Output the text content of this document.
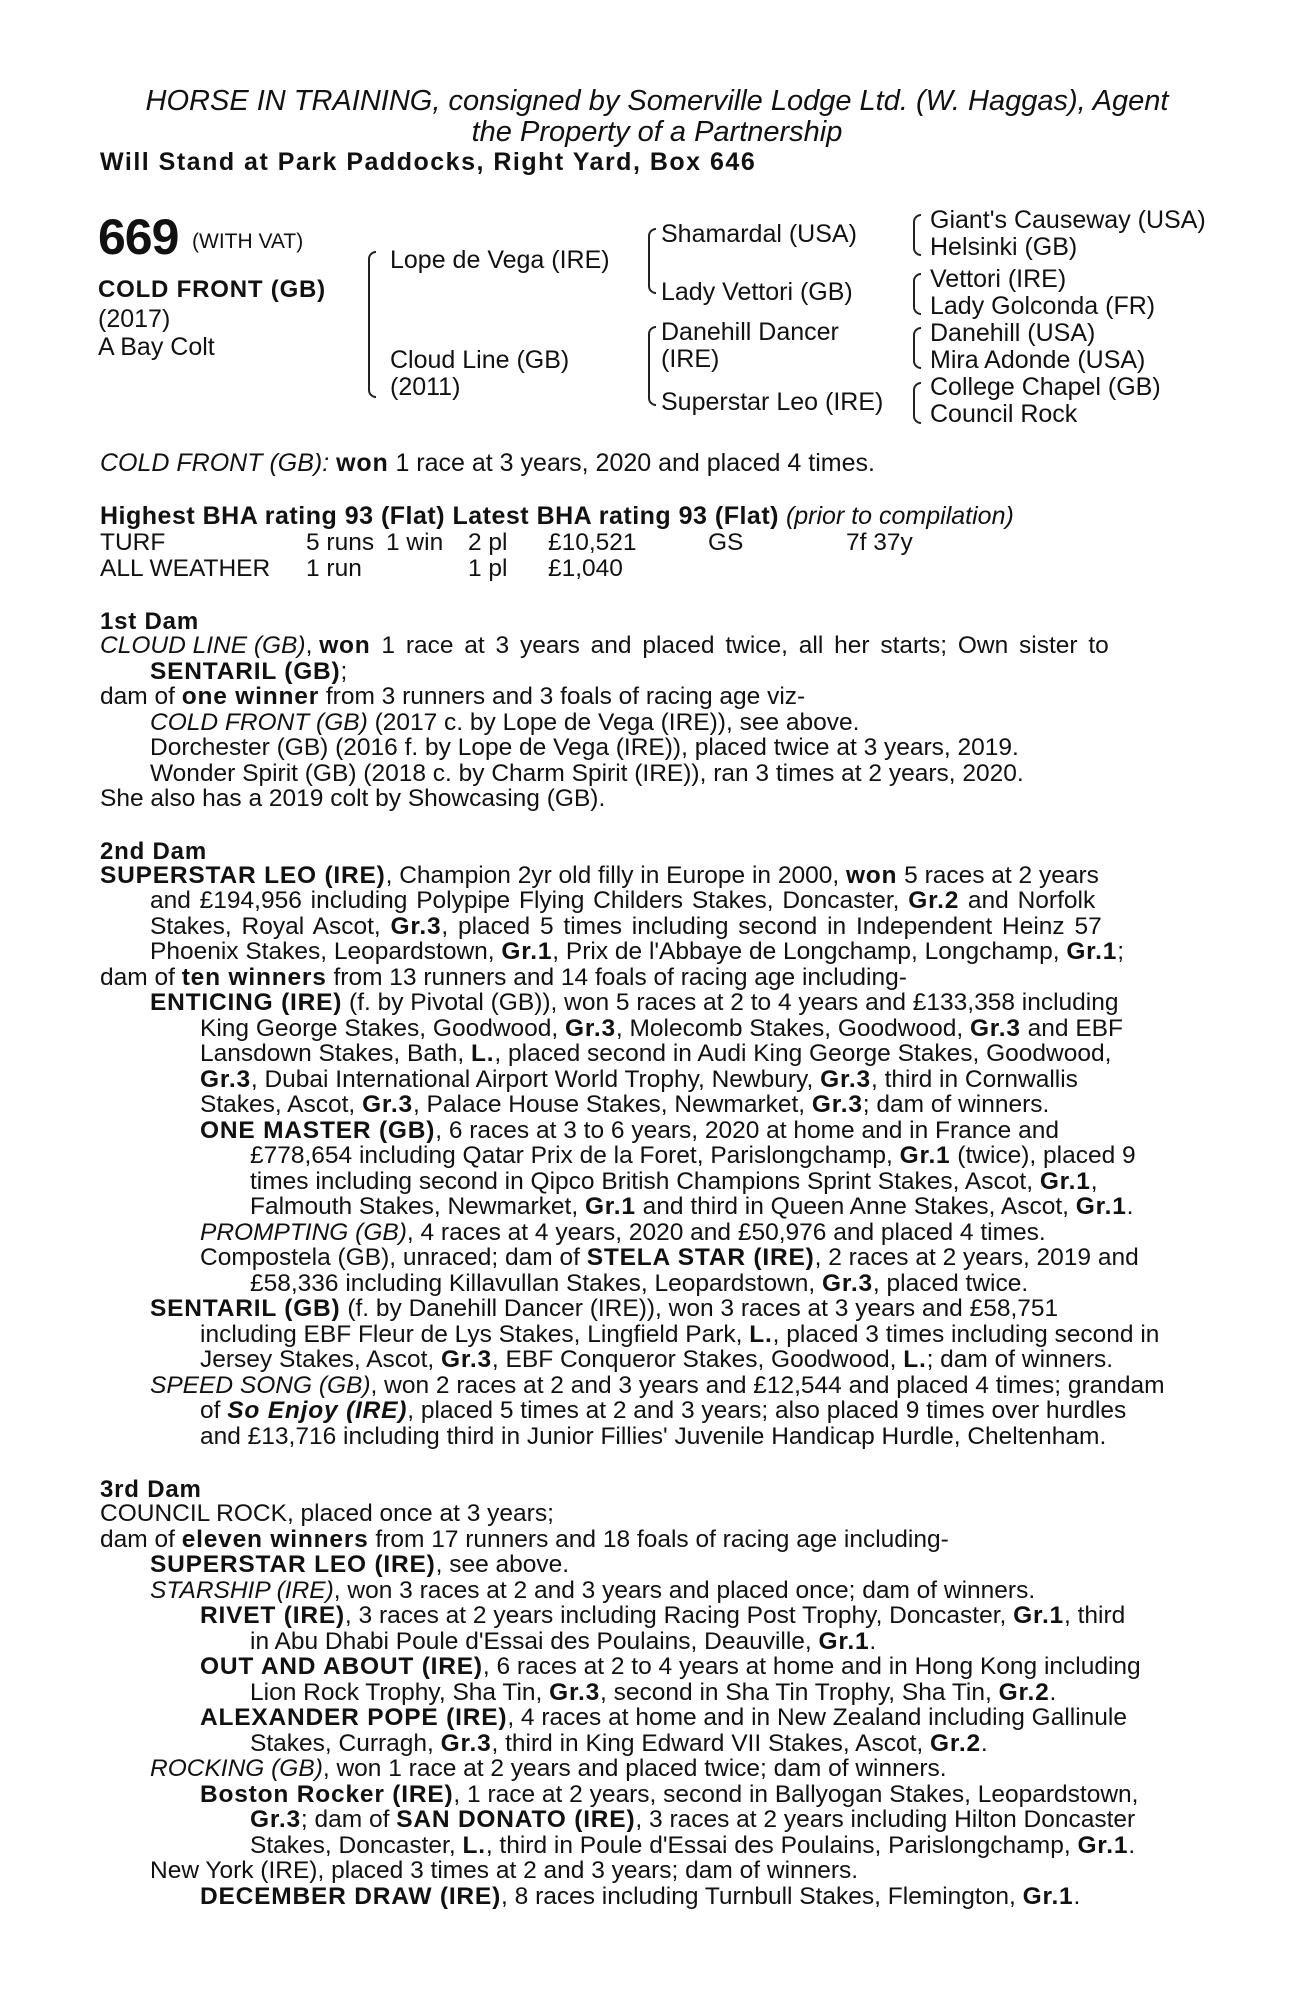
HORSE IN TRAINING, consigned by Somerville Lodge Ltd. (W. Haggas), Agent
the Property of a Partnership
Will Stand at Park Paddocks, Right Yard, Box 646
669 (WITH VAT)
COLD FRONT (GB)
(2017)
A Bay Colt
Lope de Vega (IRE)
Cloud Line (GB)
(2011)
Shamardal (USA)
Lady Vettori (GB)
Danehill Dancer
(IRE)
Superstar Leo (IRE)
Giant's Causeway (USA)
Helsinki (GB)
Vettori (IRE)
Lady Golconda (FR)
Danehill (USA)
Mira Adonde (USA)
College Chapel (GB)
Council Rock
COLD FRONT (GB): won 1 race at 3 years, 2020 and placed 4 times.
Highest BHA rating 93 (Flat) Latest BHA rating 93 (Flat) (prior to compilation)
TURF	5 runs 1 win 2 pl £10,521	GS	7f 37y
ALL WEATHER 1 run	1 pl £1,040
1st Dam
CLOUD LINE (GB), won 1 race at 3 years and placed twice, all her starts; Own sister to
SENTARIL (GB);
dam of one winner from 3 runners and 3 foals of racing age viz-
COLD FRONT (GB) (2017 c. by Lope de Vega (IRE)), see above.
Dorchester (GB) (2016 f. by Lope de Vega (IRE)), placed twice at 3 years, 2019.
Wonder Spirit (GB) (2018 c. by Charm Spirit (IRE)), ran 3 times at 2 years, 2020.
She also has a 2019 colt by Showcasing (GB).
2nd Dam
SUPERSTAR LEO (IRE), Champion 2yr old filly in Europe in 2000, won 5 races at 2 years
and £194,956 including Polypipe Flying Childers Stakes, Doncaster, Gr.2 and Norfolk
Stakes, Royal Ascot, Gr.3, placed 5 times including second in Independent Heinz 57
Phoenix Stakes, Leopardstown, Gr.1, Prix de l'Abbaye de Longchamp, Longchamp, Gr.1;
dam of ten winners from 13 runners and 14 foals of racing age including-
ENTICING (IRE) (f. by Pivotal (GB)), won 5 races at 2 to 4 years and £133,358 including
King George Stakes, Goodwood, Gr.3, Molecomb Stakes, Goodwood, Gr.3 and EBF
Lansdown Stakes, Bath, L., placed second in Audi King George Stakes, Goodwood,
Gr.3, Dubai International Airport World Trophy, Newbury, Gr.3, third in Cornwallis
Stakes, Ascot, Gr.3, Palace House Stakes, Newmarket, Gr.3; dam of winners.
ONE MASTER (GB), 6 races at 3 to 6 years, 2020 at home and in France and
£778,654 including Qatar Prix de la Foret, Parislongchamp, Gr.1 (twice), placed 9
times including second in Qipco British Champions Sprint Stakes, Ascot, Gr.1,
Falmouth Stakes, Newmarket, Gr.1 and third in Queen Anne Stakes, Ascot, Gr.1.
PROMPTING (GB), 4 races at 4 years, 2020 and £50,976 and placed 4 times.
Compostela (GB), unraced; dam of STELA STAR (IRE), 2 races at 2 years, 2019 and
£58,336 including Killavullan Stakes, Leopardstown, Gr.3, placed twice.
SENTARIL (GB) (f. by Danehill Dancer (IRE)), won 3 races at 3 years and £58,751
including EBF Fleur de Lys Stakes, Lingfield Park, L., placed 3 times including second in
Jersey Stakes, Ascot, Gr.3, EBF Conqueror Stakes, Goodwood, L.; dam of winners.
SPEED SONG (GB), won 2 races at 2 and 3 years and £12,544 and placed 4 times; grandam
of So Enjoy (IRE), placed 5 times at 2 and 3 years; also placed 9 times over hurdles
and £13,716 including third in Junior Fillies' Juvenile Handicap Hurdle, Cheltenham.
3rd Dam
COUNCIL ROCK, placed once at 3 years;
dam of eleven winners from 17 runners and 18 foals of racing age including-
SUPERSTAR LEO (IRE), see above.
STARSHIP (IRE), won 3 races at 2 and 3 years and placed once; dam of winners.
RIVET (IRE), 3 races at 2 years including Racing Post Trophy, Doncaster, Gr.1, third
in Abu Dhabi Poule d'Essai des Poulains, Deauville, Gr.1.
OUT AND ABOUT (IRE), 6 races at 2 to 4 years at home and in Hong Kong including
Lion Rock Trophy, Sha Tin, Gr.3, second in Sha Tin Trophy, Sha Tin, Gr.2.
ALEXANDER POPE (IRE), 4 races at home and in New Zealand including Gallinule
Stakes, Curragh, Gr.3, third in King Edward VII Stakes, Ascot, Gr.2.
ROCKING (GB), won 1 race at 2 years and placed twice; dam of winners.
Boston Rocker (IRE), 1 race at 2 years, second in Ballyogan Stakes, Leopardstown,
Gr.3; dam of SAN DONATO (IRE), 3 races at 2 years including Hilton Doncaster
Stakes, Doncaster, L., third in Poule d'Essai des Poulains, Parislongchamp, Gr.1.
New York (IRE), placed 3 times at 2 and 3 years; dam of winners.
DECEMBER DRAW (IRE), 8 races including Turnbull Stakes, Flemington, Gr.1.
